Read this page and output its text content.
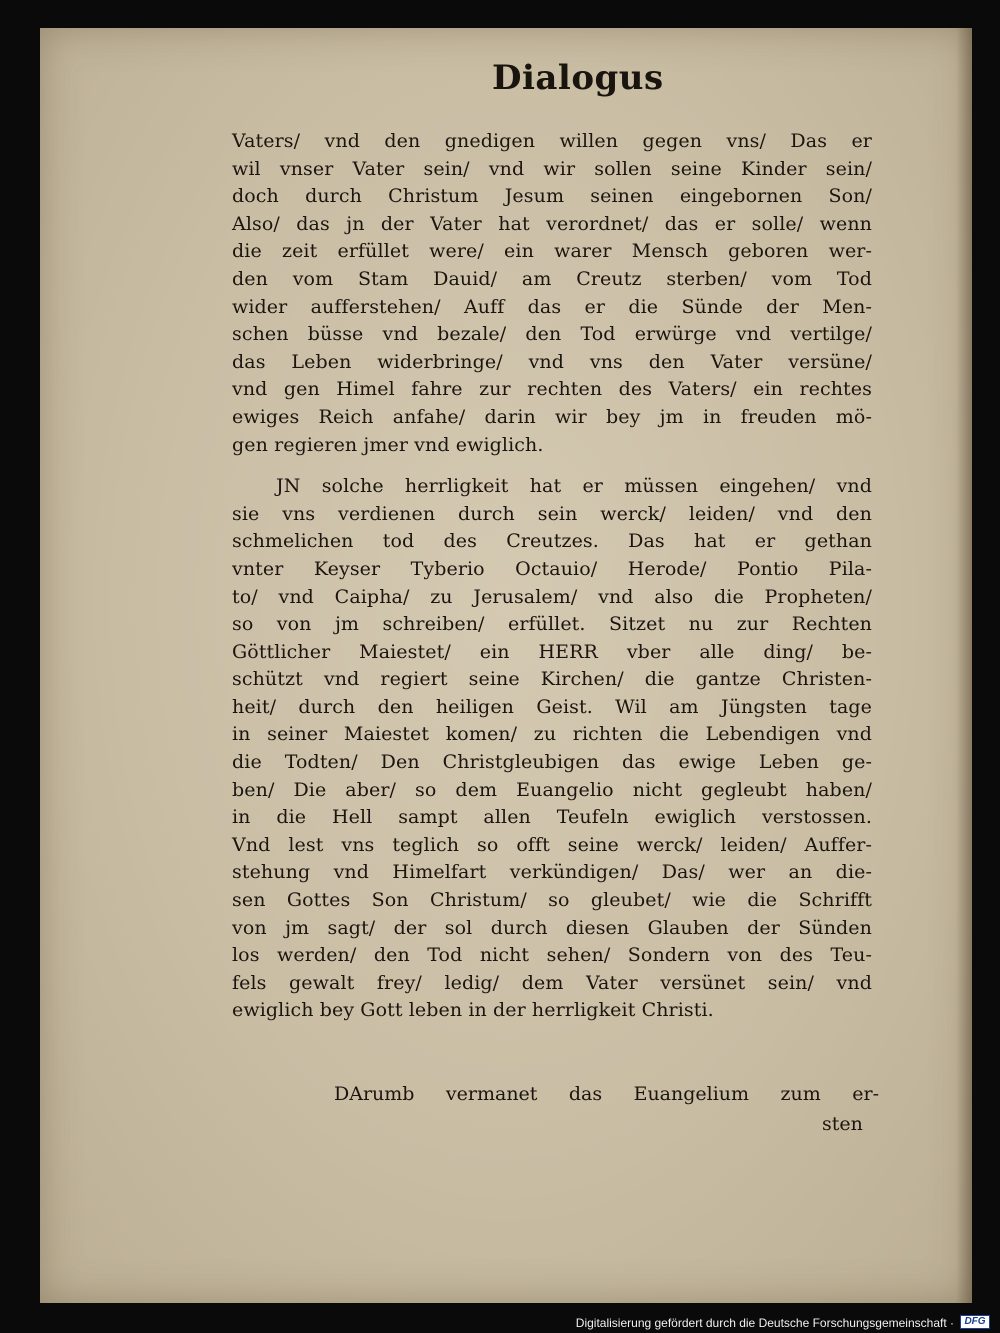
Dialogus
Vaters/ vnd den gnedigen willen gegen vns/ Das er
wil vnser Vater sein/ vnd wir sollen seine Kinder sein/
doch durch Christum Jesum seinen eingebornen Son/
Also/ das jn der Vater hat verordnet/ das er solle/ wenn
die zeit erfüllet were/ ein warer Mensch geboren wer-
den vom Stam Dauid/ am Creutz sterben/ vom Tod
wider aufferstehen/ Auff das er die Sünde der Men-
schen büsse vnd bezale/ den Tod erwürge vnd vertilge/
das Leben widerbringe/ vnd vns den Vater versüne/
vnd gen Himel fahre zur rechten des Vaters/ ein rechtes
ewiges Reich anfahe/ darin wir bey jm in freuden mö-
gen regieren jmer vnd ewiglich.
JN solche herrligkeit hat er müssen eingehen/ vnd
sie vns verdienen durch sein werck/ leiden/ vnd den
schmelichen tod des Creutzes. Das hat er gethan
vnter Keyser Tyberio Octauio/ Herode/ Pontio Pila-
to/ vnd Caipha/ zu Jerusalem/ vnd also die Propheten/
so von jm schreiben/ erfüllet. Sitzet nu zur Rechten
Göttlicher Maiestet/ ein HERR vber alle ding/ be-
schützt vnd regiert seine Kirchen/ die gantze Christen-
heit/ durch den heiligen Geist. Wil am Jüngsten tage
in seiner Maiestet komen/ zu richten die Lebendigen vnd
die Todten/ Den Christgleubigen das ewige Leben ge-
ben/ Die aber/ so dem Euangelio nicht gegleubt haben/
in die Hell sampt allen Teufeln ewiglich verstossen.
Vnd lest vns teglich so offt seine werck/ leiden/ Auffer-
stehung vnd Himelfart verkündigen/ Das/ wer an die-
sen Gottes Son Christum/ so gleubet/ wie die Schrifft
von jm sagt/ der sol durch diesen Glauben der Sünden
los werden/ den Tod nicht sehen/ Sondern von des Teu-
fels gewalt frey/ ledig/ dem Vater versünet sein/ vnd
ewiglich bey Gott leben in der herrligkeit Christi.
DArumb vermanet das Euangelium zum er-
sten
Digitalisierung gefördert durch die Deutsche Forschungsgemeinschaft ·	DFG
